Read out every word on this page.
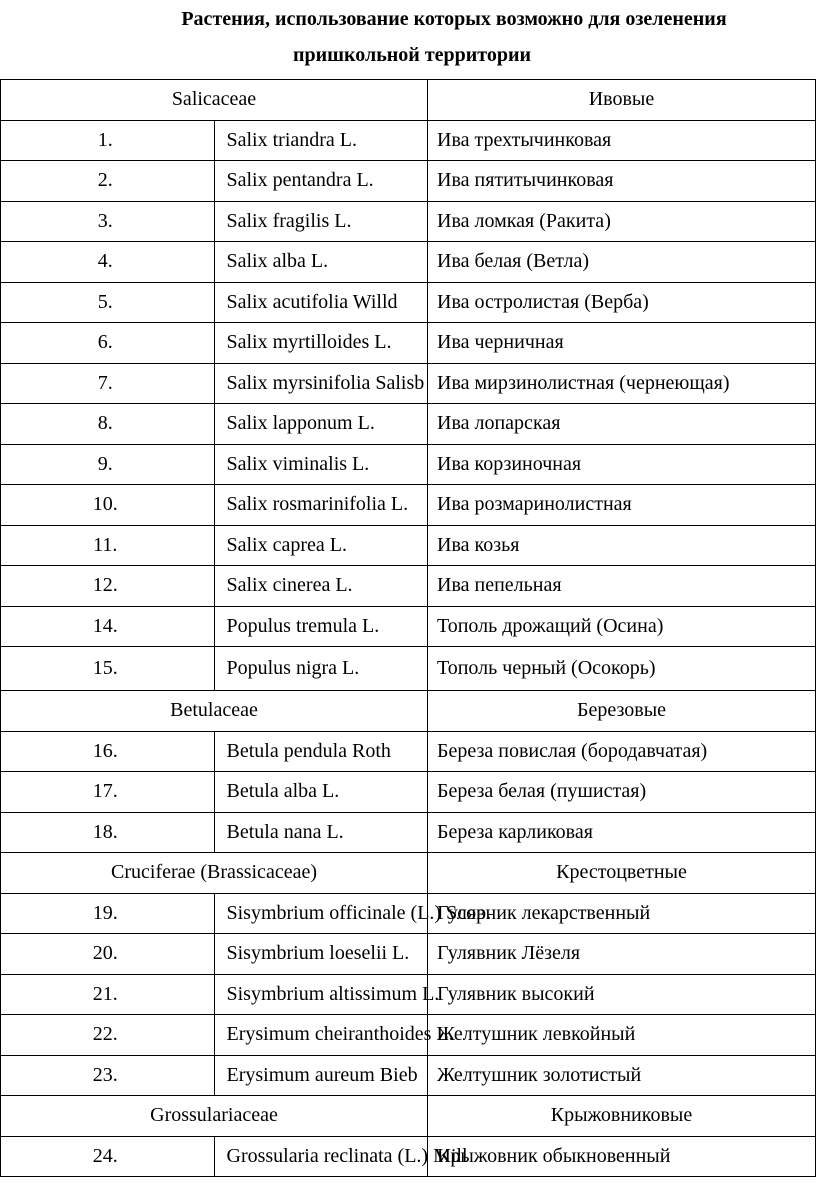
Растения, использование которых возможно для озеленения
пришкольной территории
Salicaceae		Ивовые
1.	Salix triandra L.	Ива трехтычинковая
2.	Salix pentandra L.	Ива пятитычинковая
3.	Salix fragilis L.	Ива ломкая (Ракита)
4.	Salix alba L.	Ива белая (Ветла)
5.	Salix acutifolia Willd	Ива остролистая (Верба)
6.	Salix myrtilloides L.	Ива черничная
7.	Salix myrsinifolia Salisb	Ива мирзинолистная (чернеющая)
8.	Salix lapponum L.	Ива лопарская
9.	Salix viminalis L.	Ива корзиночная
10.	Salix rosmarinifolia L.	Ива розмаринолистная
11.	Salix caprea L.	Ива козья
12.	Salix cinerea L.	Ива пепельная
14.	Populus tremula L.	Тополь дрожащий (Осина)
15.	Populus nigra L.	Тополь черный (Осокорь)
Betulaceae		Березовые
16.	Betula pendula Roth	Береза повислая (бородавчатая)
17.	Betula alba L.	Береза белая (пушистая)
18.	Betula nana L.	Береза карликовая
Cruciferae (Brassicaceae)		Крестоцветные
19.	Sisymbrium officinale (L.) Scop.	Гулявник лекарственный
20.	Sisymbrium loeselii L.	Гулявник Лёзеля
21.	Sisymbrium altissimum L.	Гулявник высокий
22.	Erysimum cheiranthoides L.	Желтушник левкойный
23.	Erysimum aureum Bieb	Желтушник золотистый
Grossulariaceae		Крыжовниковые
24.	Grossularia reclinata (L.) Mill	Крыжовник обыкновенный
